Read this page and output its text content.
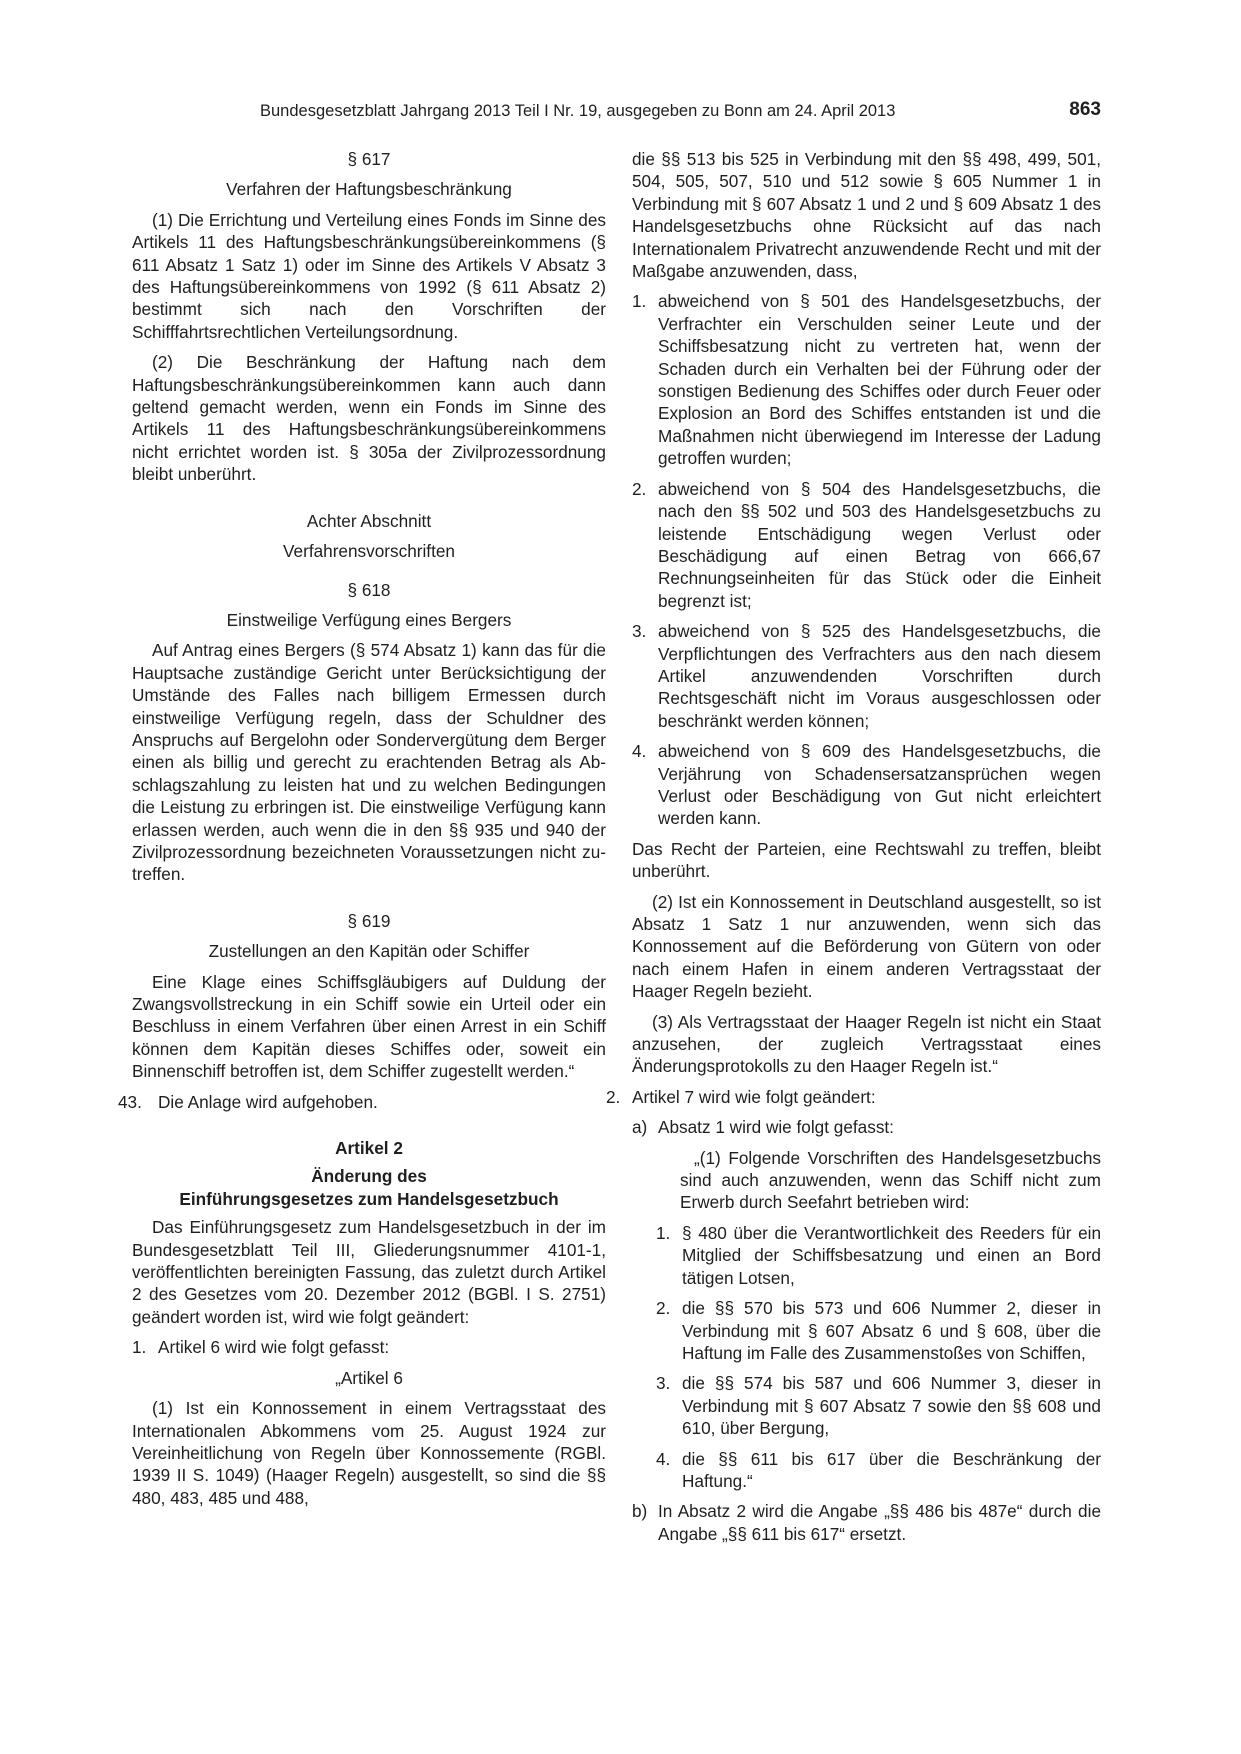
Bundesgesetzblatt Jahrgang 2013 Teil I Nr. 19, ausgegeben zu Bonn am 24. April 2013	863
§ 617
Verfahren der Haftungsbeschränkung
(1) Die Errichtung und Verteilung eines Fonds im Sinne des Artikels 11 des Haftungsbeschränkungsübereinkommens (§ 611 Absatz 1 Satz 1) oder im Sinne des Artikels V Absatz 3 des Haftungsübereinkommens von 1992 (§ 611 Absatz 2) bestimmt sich nach den Vorschriften der Schifffahrtsrechtlichen Verteilungsordnung.
(2) Die Beschränkung der Haftung nach dem Haftungsbeschränkungsübereinkommen kann auch dann geltend gemacht werden, wenn ein Fonds im Sinne des Artikels 11 des Haftungsbeschränkungsübereinkommens nicht errichtet worden ist. § 305a der Zivilprozessordnung bleibt unberührt.
Achter Abschnitt
Verfahrensvorschriften
§ 618
Einstweilige Verfügung eines Bergers
Auf Antrag eines Bergers (§ 574 Absatz 1) kann das für die Hauptsache zuständige Gericht unter Berücksichtigung der Umstände des Falles nach billigem Ermessen durch einstweilige Verfügung regeln, dass der Schuldner des Anspruchs auf Bergelohn oder Sondervergütung dem Berger einen als billig und gerecht zu erachtenden Betrag als Abschlagszahlung zu leisten hat und zu welchen Bedingungen die Leistung zu erbringen ist. Die einstweilige Verfügung kann erlassen werden, auch wenn die in den §§ 935 und 940 der Zivilprozessordnung bezeichneten Voraussetzungen nicht zutreffen.
§ 619
Zustellungen an den Kapitän oder Schiffer
Eine Klage eines Schiffsgläubigers auf Duldung der Zwangsvollstreckung in ein Schiff sowie ein Urteil oder ein Beschluss in einem Verfahren über einen Arrest in ein Schiff können dem Kapitän dieses Schiffes oder, soweit ein Binnenschiff betroffen ist, dem Schiffer zugestellt werden.“
43. Die Anlage wird aufgehoben.
Artikel 2
Änderung des
Einführungsgesetzes zum Handelsgesetzbuch
Das Einführungsgesetz zum Handelsgesetzbuch in der im Bundesgesetzblatt Teil III, Gliederungsnummer 4101-1, veröffentlichten bereinigten Fassung, das zuletzt durch Artikel 2 des Gesetzes vom 20. Dezember 2012 (BGBl. I S. 2751) geändert worden ist, wird wie folgt geändert:
1. Artikel 6 wird wie folgt gefasst:
„Artikel 6
(1) Ist ein Konnossement in einem Vertragsstaat des Internationalen Abkommens vom 25. August 1924 zur Vereinheitlichung von Regeln über Konnossemente (RGBl. 1939 II S. 1049) (Haager Regeln) ausgestellt, so sind die §§ 480, 483, 485 und 488,
die §§ 513 bis 525 in Verbindung mit den §§ 498, 499, 501, 504, 505, 507, 510 und 512 sowie § 605 Nummer 1 in Verbindung mit § 607 Absatz 1 und 2 und § 609 Absatz 1 des Handelsgesetzbuchs ohne Rücksicht auf das nach Internationalem Privatrecht anzuwendende Recht und mit der Maßgabe anzuwenden, dass,
1. abweichend von § 501 des Handelsgesetzbuchs, der Verfrachter ein Verschulden seiner Leute und der Schiffsbesatzung nicht zu vertreten hat, wenn der Schaden durch ein Verhalten bei der Führung oder der sonstigen Bedienung des Schiffes oder durch Feuer oder Explosion an Bord des Schiffes entstanden ist und die Maßnahmen nicht überwiegend im Interesse der Ladung getroffen wurden;
2. abweichend von § 504 des Handelsgesetzbuchs, die nach den §§ 502 und 503 des Handelsgesetzbuchs zu leistende Entschädigung wegen Verlust oder Beschädigung auf einen Betrag von 666,67 Rechnungseinheiten für das Stück oder die Einheit begrenzt ist;
3. abweichend von § 525 des Handelsgesetzbuchs, die Verpflichtungen des Verfrachters aus den nach diesem Artikel anzuwendenden Vorschriften durch Rechtsgeschäft nicht im Voraus ausgeschlossen oder beschränkt werden können;
4. abweichend von § 609 des Handelsgesetzbuchs, die Verjährung von Schadensersatzansprüchen wegen Verlust oder Beschädigung von Gut nicht erleichtert werden kann.
Das Recht der Parteien, eine Rechtswahl zu treffen, bleibt unberührt.
(2) Ist ein Konnossement in Deutschland ausgestellt, so ist Absatz 1 Satz 1 nur anzuwenden, wenn sich das Konnossement auf die Beförderung von Gütern von oder nach einem Hafen in einem anderen Vertragsstaat der Haager Regeln bezieht.
(3) Als Vertragsstaat der Haager Regeln ist nicht ein Staat anzusehen, der zugleich Vertragsstaat eines Änderungsprotokolls zu den Haager Regeln ist.“
2. Artikel 7 wird wie folgt geändert:
a) Absatz 1 wird wie folgt gefasst:
„(1) Folgende Vorschriften des Handelsgesetzbuchs sind auch anzuwenden, wenn das Schiff nicht zum Erwerb durch Seefahrt betrieben wird:
1. § 480 über die Verantwortlichkeit des Reeders für ein Mitglied der Schiffsbesatzung und einen an Bord tätigen Lotsen,
2. die §§ 570 bis 573 und 606 Nummer 2, dieser in Verbindung mit § 607 Absatz 6 und § 608, über die Haftung im Falle des Zusammenstoßes von Schiffen,
3. die §§ 574 bis 587 und 606 Nummer 3, dieser in Verbindung mit § 607 Absatz 7 sowie den §§ 608 und 610, über Bergung,
4. die §§ 611 bis 617 über die Beschränkung der Haftung.“
b) In Absatz 2 wird die Angabe „§§ 486 bis 487e“ durch die Angabe „§§ 611 bis 617“ ersetzt.
